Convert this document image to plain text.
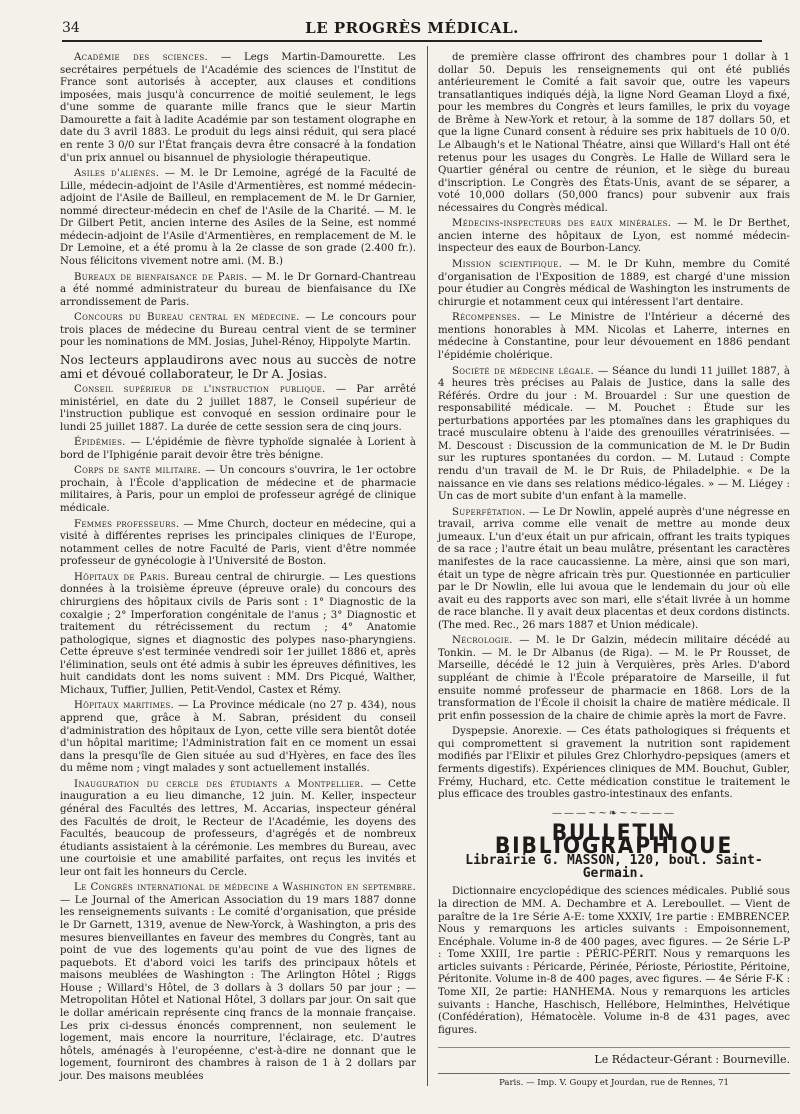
34	LE PROGRÈS MÉDICAL.

Académie des sciences. — Legs Martin-Damourette. Les secrétaires perpétuels de l'Académie des sciences de l'Institut de France sont autorisés à accepter, aux clauses et conditions imposées, mais jusqu'à concurrence de moitié seulement, le legs d'une somme de quarante mille francs que le sieur Martin Damourette a fait à ladite Académie par son testament olographe en date du 3 avril 1883. Le produit du legs ainsi réduit, qui sera placé en rente 3 0/0 sur l'État français devra être consacré à la fondation d'un prix annuel ou bisannuel de physiologie thérapeutique.

Asiles d'aliénés. — M. le Dr Lemoine, agrégé de la Faculté de Lille, médecin-adjoint de l'Asile d'Armentières, est nommé médecin-adjoint de l'Asile de Bailleul, en remplacement de M. le Dr Garnier, nommé directeur-médecin en chef de l'Asile de la Charité. — M. le Dr Gilbert Petit, ancien interne des Asiles de la Seine, est nommé médecin-adjoint de l'Asile d'Armentières, en remplacement de M. le Dr Lemoine, et a été promu à la 2e classe de son grade (2.400 fr.). Nous félicitons vivement notre ami. (M. B.)

Bureaux de bienfaisance de Paris. — M. le Dr Gornard-Chantreau a été nommé administrateur du bureau de bienfaisance du IXe arrondissement de Paris.

Concours du Bureau central en médecine. — Le concours pour trois places de médecine du Bureau central vient de se terminer pour les nominations de MM. Josias, Juhel-Rénoy, Hippolyte Martin.

Nos lecteurs applaudirons avec nous au succès de notre ami et dévoué collaborateur, le Dr A. Josias.

Conseil supérieur de l'instruction publique. — Par arrêté ministériel, en date du 2 juillet 1887, le Conseil supérieur de l'instruction publique est convoqué en session ordinaire pour le lundi 25 juillet 1887. La durée de cette session sera de cinq jours.

Épidémies. — L'épidémie de fièvre typhoïde signalée à Lorient à bord de l'Iphigénie parait devoir être très bénigne.

Corps de santé militaire. — Un concours s'ouvrira, le 1er octobre prochain, à l'École d'application de médecine et de pharmacie militaires, à Paris, pour un emploi de professeur agrégé de clinique médicale.

Femmes professeurs. — Mme Church, docteur en médecine, qui a visité à différentes reprises les principales cliniques de l'Europe, notamment celles de notre Faculté de Paris, vient d'être nommée professeur de gynécologie à l'Université de Boston.

Hôpitaux de Paris. Bureau central de chirurgie. — Les questions données à la troisième épreuve (épreuve orale) du concours des chirurgiens des hôpitaux civils de Paris sont : 1° Diagnostic de la coxalgie ; 2° Imperforation congénitale de l'anus ; 3° Diagnostic et traitement du rétrécissement du rectum ; 4° Anatomie pathologique, signes et diagnostic des polypes naso-pharyngiens. Cette épreuve s'est terminée vendredi soir 1er juillet 1886 et, après l'élimination, seuls ont été admis à subir les épreuves définitives, les huit candidats dont les noms suivent : MM. Drs Picqué, Walther, Michaux, Tuffier, Jullien, Petit-Vendol, Castex et Rémy.

Hôpitaux maritimes. — La Province médicale (no 27 p. 434), nous apprend que, grâce à M. Sabran, président du conseil d'administration des hôpitaux de Lyon, cette ville sera bientôt dotée d'un hôpital maritime; l'Administration fait en ce moment un essai dans la presqu'île de Gien située au sud d'Hyères, en face des îles du même nom ; vingt malades y sont actuellement installés.

Inauguration du cercle des étudiants a Montpellier. — Cette inauguration a eu lieu dimanche, 12 juin. M. Keller, inspecteur général des Facultés des lettres, M. Accarias, inspecteur général des Facultés de droit, le Recteur de l'Académie, les doyens des Facultés, beaucoup de professeurs, d'agrégés et de nombreux étudiants assistaient à la cérémonie. Les membres du Bureau, avec une courtoisie et une amabilité parfaites, ont reçus les invités et leur ont fait les honneurs du Cercle.

Le Congrès international de médecine a Washington en septembre. — Le Journal of the American Association du 19 mars 1887 donne les renseignements suivants : Le comité d'organisation, que préside le Dr Garnett, 1319, avenue de New-Yorck, à Washington, a pris des mesures bienveillantes en faveur des membres du Congrès, tant au point de vue des logements qu'au point de vue des lignes de paquebots. Et d'abord voici les tarifs des principaux hôtels et maisons meublées de Washington : The Arlington Hôtel ; Riggs House ; Willard's Hôtel, de 3 dollars à 3 dollars 50 par jour ; — Metropolitan Hôtel et National Hôtel, 3 dollars par jour. On sait que le dollar américain représente cinq francs de la monnaie française. Les prix ci-dessus énoncés comprennent, non seulement le logement, mais encore la nourriture, l'éclairage, etc. D'autres hôtels, aménagés à l'européenne, c'est-à-dire ne donnant que le logement, fourniront des chambres à raison de 1 à 2 dollars par jour. Des maisons meublées

de première classe offriront des chambres pour 1 dollar à 1 dollar 50. Depuis les renseignements qui ont été publiés antérieurement le Comité a fait savoir que, outre les vapeurs transatlantiques indiqués déjà, la ligne Nord Geaman Lloyd a fixé, pour les membres du Congrès et leurs familles, le prix du voyage de Brême à New-York et retour, à la somme de 187 dollars 50, et que la ligne Cunard consent à réduire ses prix habituels de 10 0/0. Le Albaugh's et le National Théatre, ainsi que Willard's Hall ont été retenus pour les usages du Congrès. Le Halle de Willard sera le Quartier général ou centre de réunion, et le siège du bureau d'inscription. Le Congrès des États-Unis, avant de se séparer, a voté 10,000 dollars (50,000 francs) pour subvenir aux frais nécessaires du Congrès médical.

Médecins-inspecteurs des eaux minérales. — M. le Dr Berthet, ancien interne des hôpitaux de Lyon, est nommé médecin-inspecteur des eaux de Bourbon-Lancy.

Mission scientifique. — M. le Dr Kuhn, membre du Comité d'organisation de l'Exposition de 1889, est chargé d'une mission pour étudier au Congrès médical de Washington les instruments de chirurgie et notamment ceux qui intéressent l'art dentaire.

Récompenses. — Le Ministre de l'Intérieur a décerné des mentions honorables à MM. Nicolas et Laherre, internes en médecine à Constantine, pour leur dévouement en 1886 pendant l'épidémie cholérique.

Société de médecine légale. — Séance du lundi 11 juillet 1887, à 4 heures très précises au Palais de Justice, dans la salle des Référés. Ordre du jour : M. Brouardel : Sur une question de responsabilité médicale. — M. Pouchet : Étude sur les perturbations apportées par les ptomaïnes dans les graphiques du tracé musculaire obtenu à l'aide des grenouilles vératrinisées. — M. Descoust : Discussion de la communication de M. le Dr Budin sur les ruptures spontanées du cordon. — M. Lutaud : Compte rendu d'un travail de M. le Dr Ruis, de Philadelphie. « De la naissance en vie dans ses relations médico-légales. » — M. Liégey : Un cas de mort subite d'un enfant à la mamelle.

Superfétation. — Le Dr Nowlin, appelé auprès d'une négresse en travail, arriva comme elle venait de mettre au monde deux jumeaux. L'un d'eux était un pur africain, offrant les traits typiques de sa race ; l'autre était un beau mulâtre, présentant les caractères manifestes de la race caucassienne. La mère, ainsi que son mari, était un type de nègre africain très pur. Questionnée en particulier par le Dr Nowlin, elle lui avoua que le lendemain du jour où elle avait eu des rapports avec son mari, elle s'était livrée à un homme de race blanche. Il y avait deux placentas et deux cordons distincts. (The med. Rec., 26 mars 1887 et Union médicale).

Nécrologie. — M. le Dr Galzin, médecin militaire décédé au Tonkin. — M. le Dr Albanus (de Riga). — M. le Pr Rousset, de Marseille, décédé le 12 juin à Verquières, près Arles. D'abord suppléant de chimie à l'École préparatoire de Marseille, il fut ensuite nommé professeur de pharmacie en 1868. Lors de la transformation de l'École il choisit la chaire de matière médicale. Il prit enfin possession de la chaire de chimie après la mort de Favre.

Dyspepsie. Anorexie. — Ces états pathologiques si fréquents et qui compromettent si gravement la nutrition sont rapidement modifiés par l'Elixir et pilules Grez Chlorhydro-pepsiques (amers et ferments digestifs). Expériences cliniques de MM. Bouchut, Gubler, Frémy, Huchard, etc. Cette médication constitue le traitement le plus efficace des troubles gastro-intestinaux des enfants.

———~~❧~~———
BULLETIN BIBLIOGRAPHIQUE
Librairie G. MASSON, 120, boul. Saint-Germain.

Dictionnaire encyclopédique des sciences médicales. Publié sous la direction de MM. A. Dechambre et A. Lereboullet. — Vient de paraître de la 1re Série A-E: tome XXXIV, 1re partie : EMBRENCEP. Nous y remarquons les articles suivants : Empoisonnement, Encéphale. Volume in-8 de 400 pages, avec figures. — 2e Série L-P : Tome XXIII, 1re partie : PÉRIC-PÉRIT. Nous y remarquons les articles suivants : Péricarde, Périnée, Périoste, Périostite, Péritoine, Péritonite. Volume in-8 de 400 pages, avec figures. — 4e Série F-K : Tome XII, 2e partie: HANHEMA. Nous y remarquons les articles suivants : Hanche, Haschisch, Hellébore, Helminthes, Helvétique (Confédération), Hématocèle. Volume in-8 de 431 pages, avec figures.

Le Rédacteur-Gérant : Bourneville.
Paris. — Imp. V. Goupy et Jourdan, rue de Rennes, 71
